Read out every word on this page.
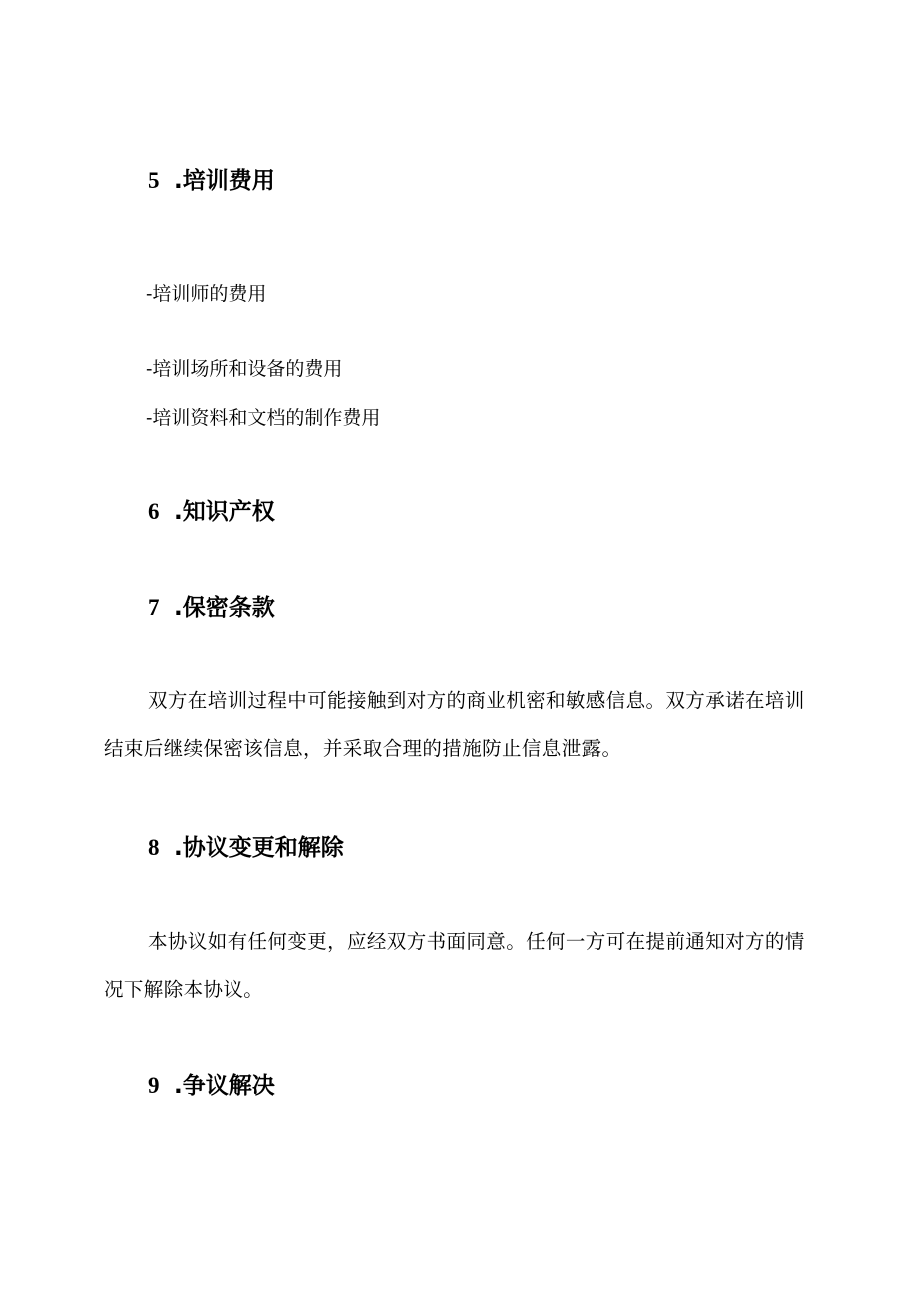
5 .培训费用
-培训师的费用
-培训场所和设备的费用
-培训资料和文档的制作费用
6 .知识产权
7 .保密条款
双方在培训过程中可能接触到对方的商业机密和敏感信息。双方承诺在培训结束后继续保密该信息，并采取合理的措施防止信息泄露。
8 .协议变更和解除
本协议如有任何变更，应经双方书面同意。任何一方可在提前通知对方的情况下解除本协议。
9 .争议解决
